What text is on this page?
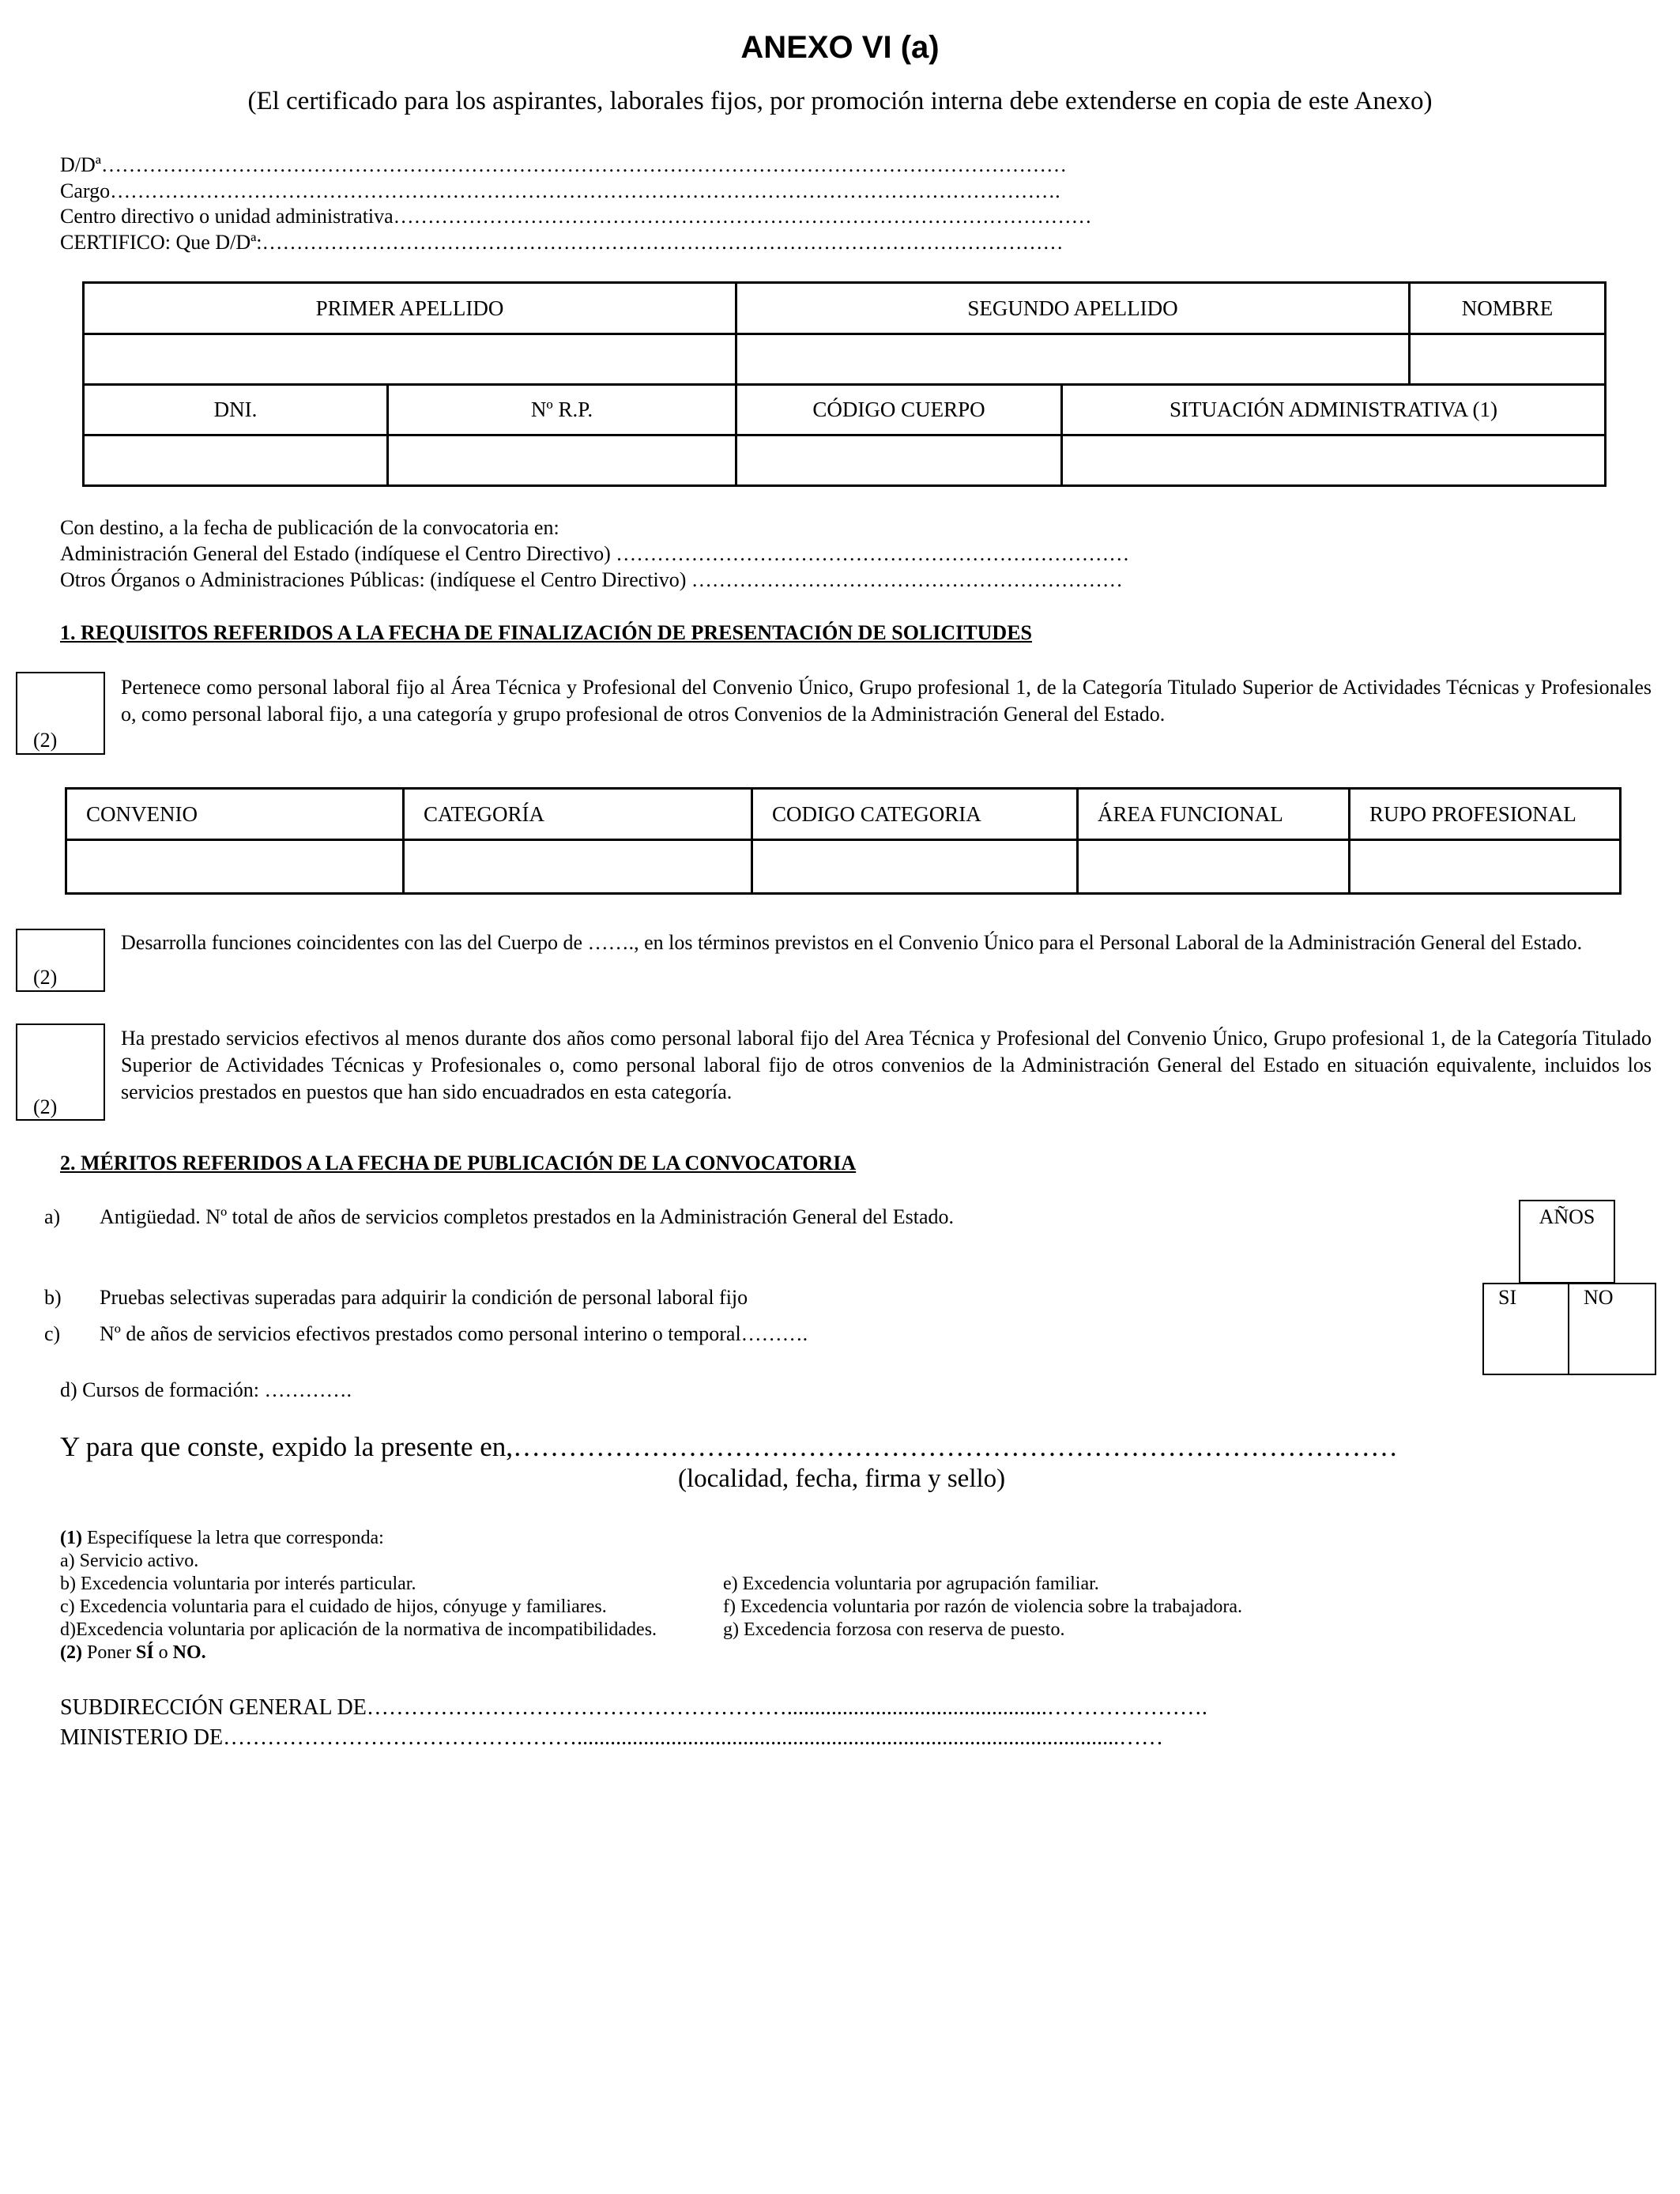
ANEXO VI (a)
(El certificado para los aspirantes, laborales fijos, por promoción interna debe extenderse en copia de este Anexo)
D/Dª……………………………………………………………………………………………………………………………
Cargo………………………………………………………………………………………………………………………….
Centro directivo o unidad administrativa…………………………………………………………………………………………
CERTIFICO: Que D/Dª:………………………………………………………………………………………………………
PRIMER APELLIDO		SEGUNDO APELLIDO		NOMBRE

DNI.	Nº R.P.	CÓDIGO CUERPO	SITUACIÓN ADMINISTRATIVA (1)	

Con destino, a la fecha de publicación de la convocatoria en:
Administración General del Estado (indíquese el Centro Directivo) …………………………………………………………………
Otros Órganos o Administraciones Públicas: (indíquese el Centro Directivo) ………………………………………………………
1. REQUISITOS REFERIDOS A LA FECHA DE FINALIZACIÓN DE PRESENTACIÓN DE SOLICITUDES
(2)
Pertenece como personal laboral fijo al Área Técnica y Profesional del Convenio Único, Grupo profesional 1, de la Categoría Titulado Superior de Actividades Técnicas y Profesionales o, como personal laboral fijo, a una categoría y grupo profesional de otros Convenios de la Administración General del Estado.
CONVENIO	CATEGORÍA	CODIGO CATEGORIA	ÁREA FUNCIONAL	RUPO PROFESIONAL

(2)
Desarrolla funciones coincidentes con las del Cuerpo de ……., en los términos previstos en el Convenio Único para el Personal Laboral de la Administración General del Estado.
(2)
Ha prestado servicios efectivos al menos durante dos años como personal laboral fijo del Area Técnica y Profesional del Convenio Único, Grupo profesional 1, de la Categoría Titulado Superior de Actividades Técnicas y Profesionales o, como personal laboral fijo de otros convenios de la Administración General del Estado en situación equivalente, incluidos los servicios prestados en puestos que han sido encuadrados en esta categoría.
2. MÉRITOS REFERIDOS A LA FECHA DE PUBLICACIÓN DE LA CONVOCATORIA
a) Antigüedad. Nº total de años de servicios completos prestados en la Administración General del Estado.
b) Pruebas selectivas superadas para adquirir la condición de personal laboral fijo
c) Nº de años de servicios efectivos prestados como personal interino o temporal……….
d) Cursos de formación: ………….
AÑOS
SI	NO
Y para que conste, expido la presente en,……………………………………………………………………………………
(localidad, fecha, firma y sello)
(1) Especifíquese la letra que corresponda:
a) Servicio activo.
b) Excedencia voluntaria por interés particular.
c) Excedencia voluntaria para el cuidado de hijos, cónyuge y familiares.
d)Excedencia voluntaria por aplicación de la normativa de incompatibilidades.
e) Excedencia voluntaria por agrupación familiar.
f) Excedencia voluntaria por razón de violencia sobre la trabajadora.
g) Excedencia forzosa con reserva de puesto.
(2) Poner SÍ o NO.
SUBDIRECCIÓN GENERAL DE…………………………………………………...............................................………………….
MINISTERIO DE…………………………………………..................................................................................................……
